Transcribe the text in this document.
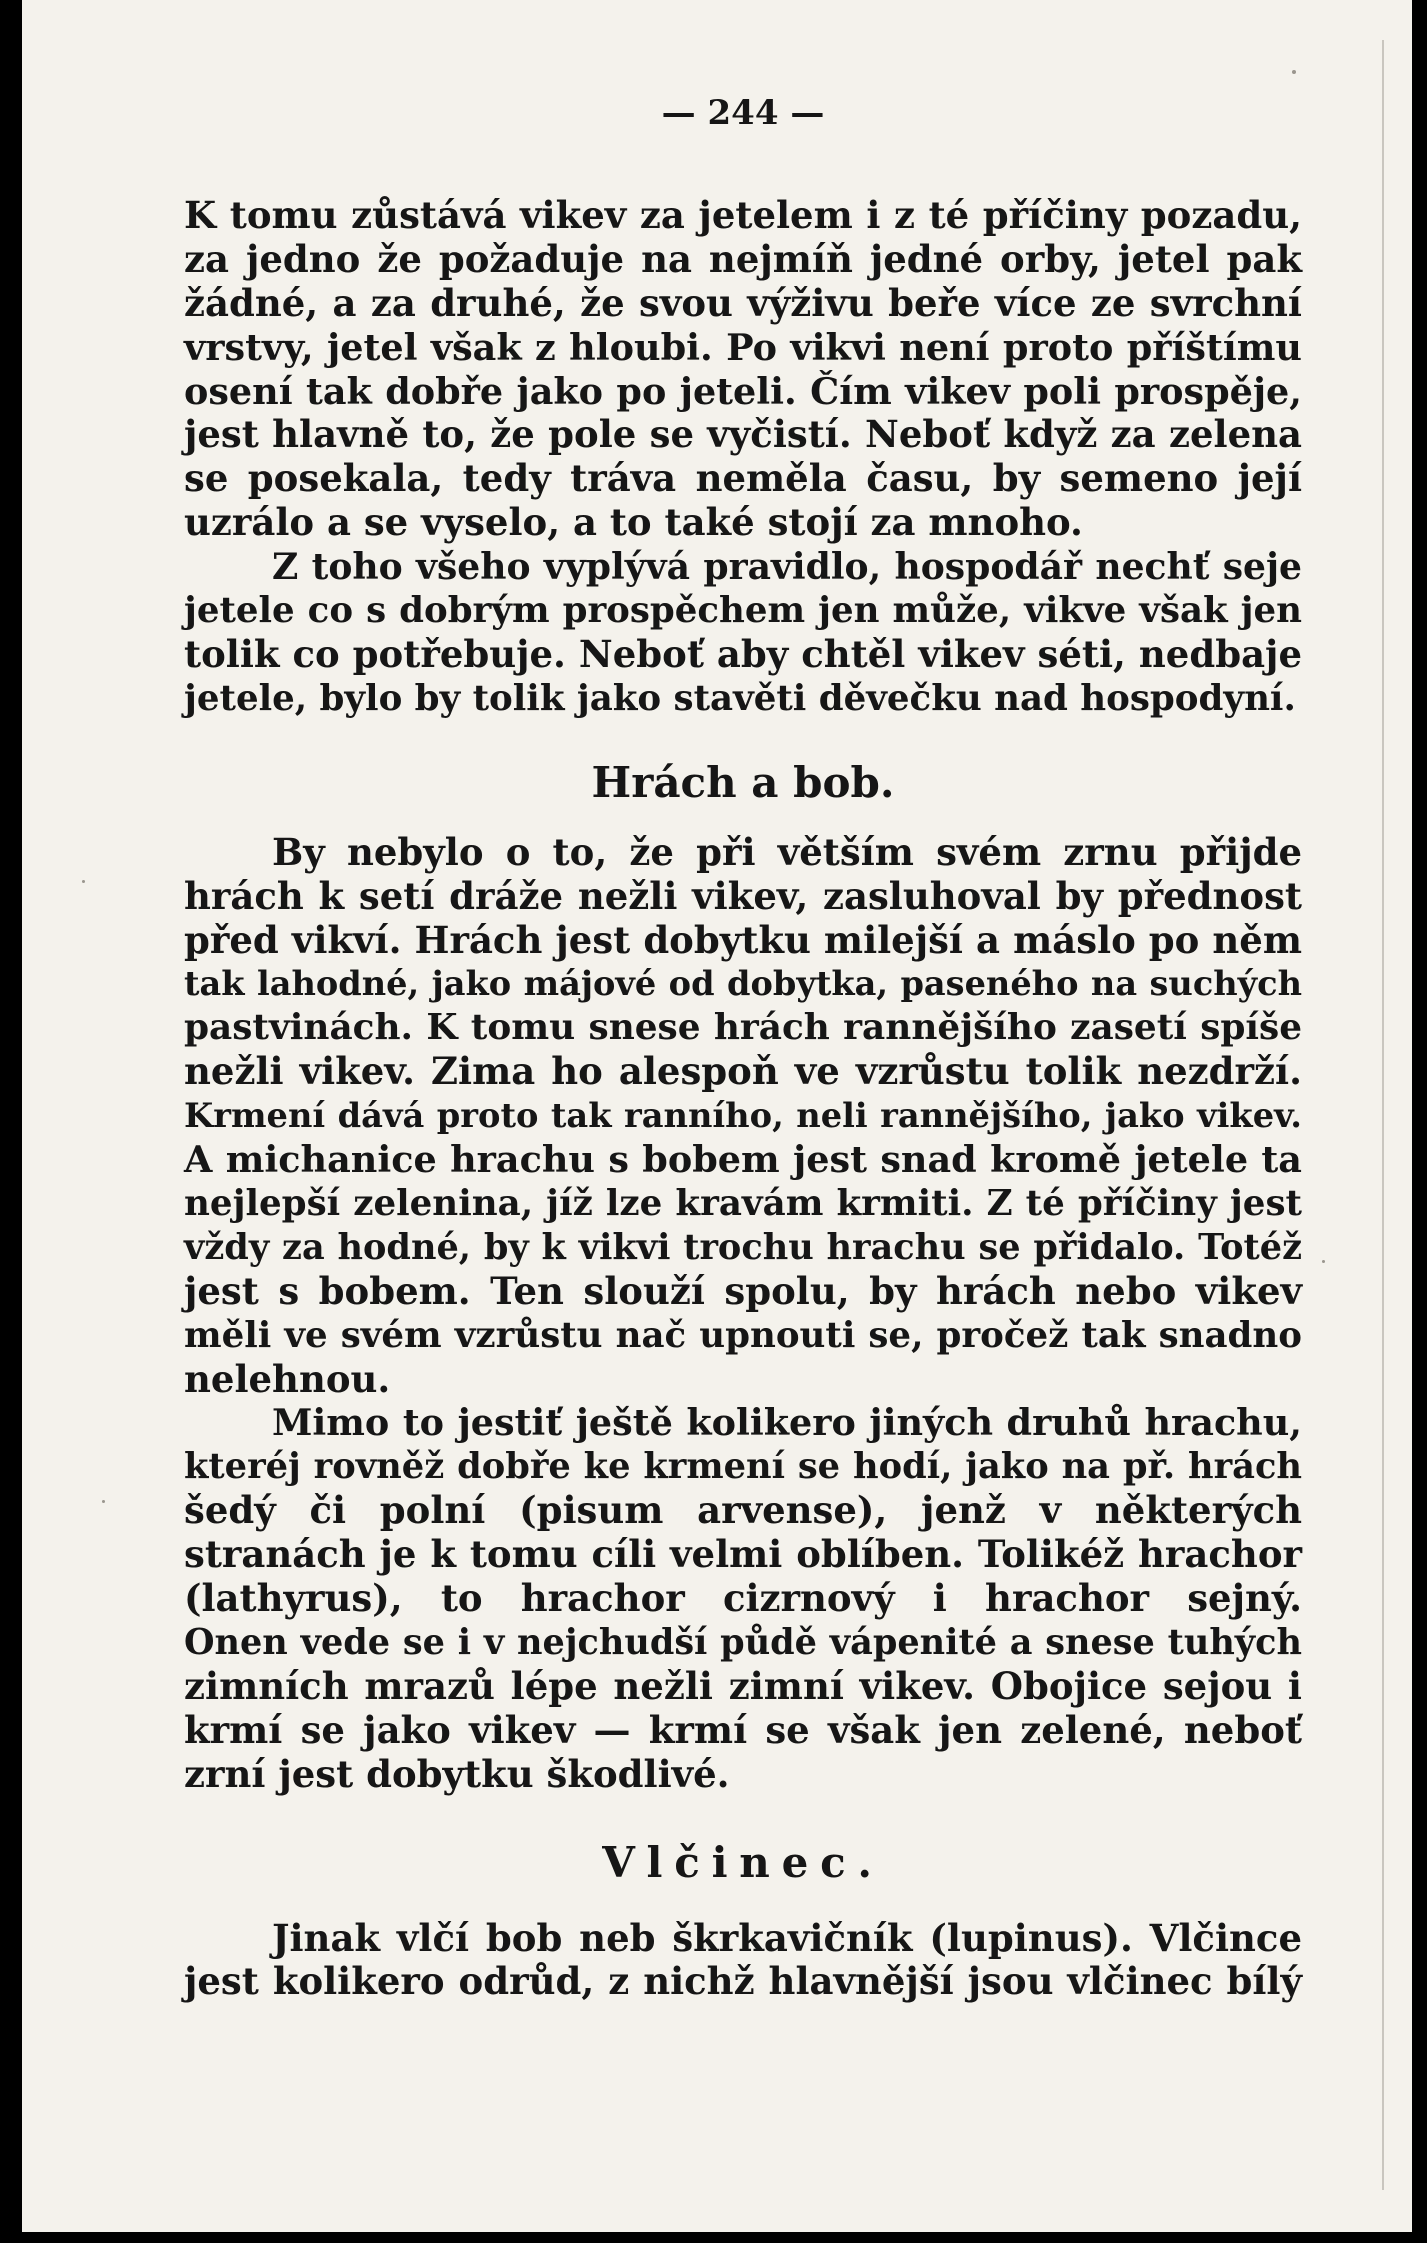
— 244 —
K tomu zůstává vikev za jetelem i z té příčiny pozadu,
za jedno že požaduje na nejmíň jedné orby, jetel pak
žádné, a za druhé, že svou výživu beře více ze svrchní
vrstvy, jetel však z hloubi. Po vikvi není proto příštímu
osení tak dobře jako po jeteli. Čím vikev poli prospěje,
jest hlavně to, že pole se vyčistí. Neboť když za zelena
se posekala, tedy tráva neměla času, by semeno její
uzrálo a se vyselo, a to také stojí za mnoho.
Z toho všeho vyplývá pravidlo, hospodář nechť seje
jetele co s dobrým prospěchem jen může, vikve však jen
tolik co potřebuje. Neboť aby chtěl vikev séti, nedbaje
jetele, bylo by tolik jako stavěti děvečku nad hospodyní.
Hrách a bob.
By nebylo o to, že při větším svém zrnu přijde
hrách k setí dráže nežli vikev, zasluhoval by přednost
před vikví. Hrách jest dobytku milejší a máslo po něm
tak lahodné, jako májové od dobytka, paseného na suchých
pastvinách. K tomu snese hrách rannějšího zasetí spíše
nežli vikev. Zima ho alespoň ve vzrůstu tolik nezdrží.
Krmení dává proto tak ranního, neli rannějšího, jako vikev.
A michanice hrachu s bobem jest snad kromě jetele ta
nejlepší zelenina, jíž lze kravám krmiti. Z té příčiny jest
vždy za hodné, by k vikvi trochu hrachu se přidalo. Totéž
jest s bobem. Ten slouží spolu, by hrách nebo vikev
měli ve svém vzrůstu nač upnouti se, pročež tak snadno
nelehnou.
Mimo to jestiť ještě kolikero jiných druhů hrachu,
kteréj rovněž dobře ke krmení se hodí, jako na př. hrách
šedý či polní (pisum arvense), jenž v některých
stranách je k tomu cíli velmi oblíben. Tolikéž hrachor
(lathyrus), to hrachor cizrnový i hrachor sejný.
Onen vede se i v nejchudší půdě vápenité a snese tuhých
zimních mrazů lépe nežli zimní vikev. Obojice sejou i
krmí se jako vikev — krmí se však jen zelené, neboť
zrní jest dobytku škodlivé.
Vlčinec.
Jinak vlčí bob neb škrkavičník (lupinus). Vlčince
jest kolikero odrůd, z nichž hlavnější jsou vlčinec bílý
